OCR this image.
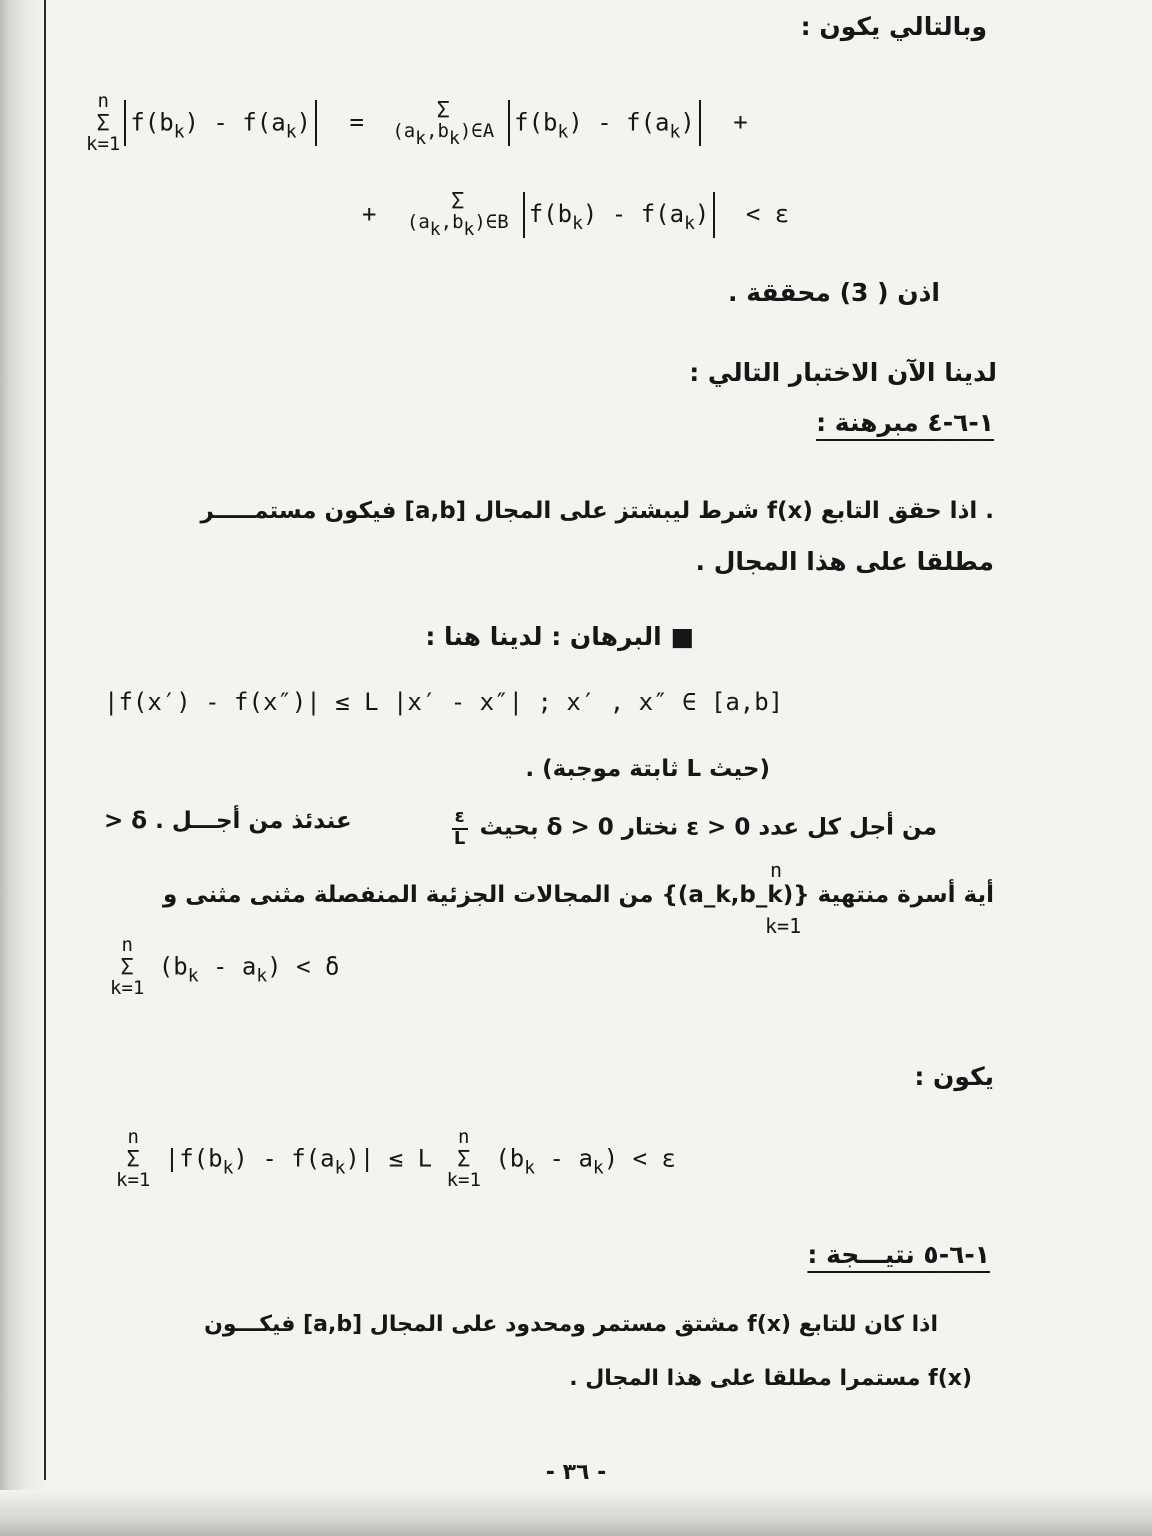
وبالتالي يكون :
n
Σ
k=1
$f(b_k) - f(a_k)$ =	Σ
(ak,bk)∈A $f(b_k) - f(a_k)$ +
+	Σ
(ak,bk)∈B $f(b_k) - f(a_k) < \varepsilon$
اذن ( 3) محققة .
لدينا الآن الاختبار التالي :
١-٦-٤ مبرهنة :
. اذا حقق التابع f(x) شرط ليبشتز على المجال [a,b] فيكون مستمـــــر
مطلقا على هذا المجال .
■ البرهان : لدينا هنا :
|f(x′) - f(x″)| ≤ L |x′ - x″| ; x′ , x″ ∈ [a,b]
(حيث L ثابتة موجبة) .
من أجل كل عدد ε > 0 نختار δ > 0 بحيث
$\frac{\varepsilon}{L}$
> δ . عندئذ من أجـــل
أية أسرة منتهية {(a_k,b_k)} من المجالات الجزئية المنفصلة مثنى مثنى و
n
k=1
n
Σ
k=1
$(b_k - a_k) < \delta$
يكون :
n
Σ
k=1
$|f(b_k) - f(a_k)| \le L$
n
Σ
k=1
$(b_k - a_k) < \varepsilon$
١-٦-٥ نتيـــجة :
اذا كان للتابع f(x) مشتق مستمر ومحدود على المجال [a,b] فيكـــون
f(x) مستمرا مطلقا على هذا المجال .
- ٣٦ -
